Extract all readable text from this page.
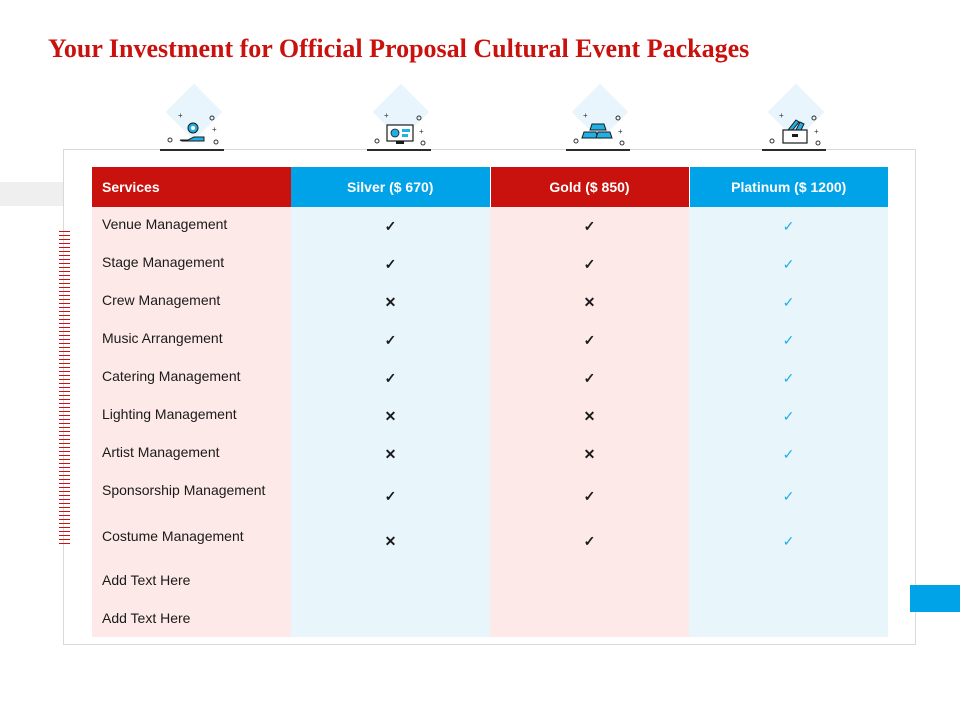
Your Investment for Official Proposal Cultural Event Packages
+
+
+
+
+
+
+
+
Services	Silver ($ 670)	Gold ($ 850)	Platinum ($ 1200)
Venue Management	✓	✓	✓
Stage Management	✓	✓	✓
Crew Management	✕	✕	✓
Music Arrangement	✓	✓	✓
Catering Management	✓	✓	✓
Lighting Management	✕	✕	✓
Artist Management	✕	✕	✓
Sponsorship Management	✓	✓	✓
Costume Management	✕	✓	✓
Add Text Here			
Add Text Here			
